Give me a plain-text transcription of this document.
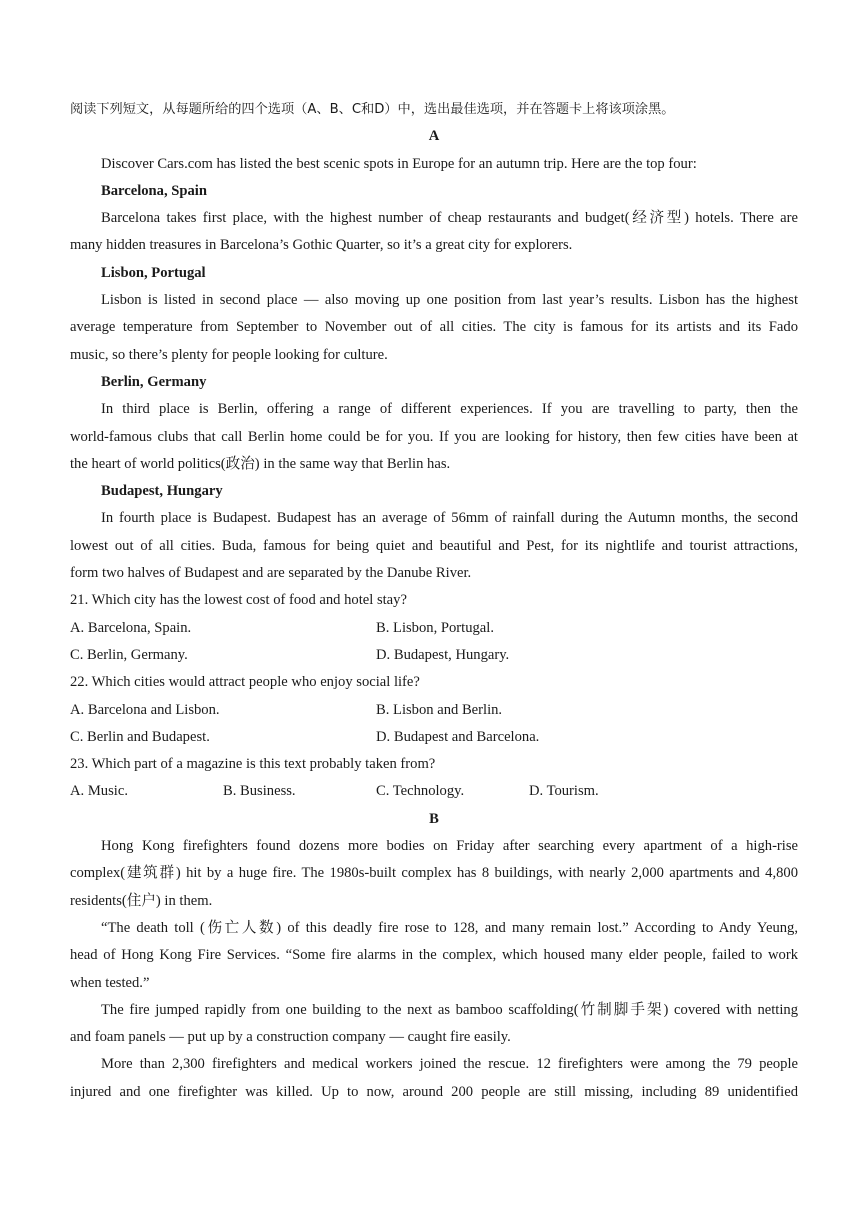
阅读下列短文，从每题所给的四个选项（A、B、C和D）中，选出最佳选项，并在答题卡上将该项涂黑。
A
Discover Cars.com has listed the best scenic spots in Europe for an autumn trip. Here are the top four:
Barcelona, Spain
Barcelona takes first place, with the highest number of cheap restaurants and budget(经济型) hotels. There are
many hidden treasures in Barcelona’s Gothic Quarter, so it’s a great city for explorers.
Lisbon, Portugal
Lisbon is listed in second place — also moving up one position from last year’s results. Lisbon has the highest
average temperature from September to November out of all cities. The city is famous for its artists and its Fado
music, so there’s plenty for people looking for culture.
Berlin, Germany
In third place is Berlin, offering a range of different experiences. If you are travelling to party, then the
world-famous clubs that call Berlin home could be for you. If you are looking for history, then few cities have been at
the heart of world politics(政治) in the same way that Berlin has.
Budapest, Hungary
In fourth place is Budapest. Budapest has an average of 56mm of rainfall during the Autumn months, the second
lowest out of all cities. Buda, famous for being quiet and beautiful and Pest, for its nightlife and tourist attractions,
form two halves of Budapest and are separated by the Danube River.
21. Which city has the lowest cost of food and hotel stay?
A. Barcelona, Spain.	B. Lisbon, Portugal.
C. Berlin, Germany.	D. Budapest, Hungary.
22. Which cities would attract people who enjoy social life?
A. Barcelona and Lisbon.	B. Lisbon and Berlin.
C. Berlin and Budapest.	D. Budapest and Barcelona.
23. Which part of a magazine is this text probably taken from?
A. Music.	B. Business.	C. Technology.	D. Tourism.
B
Hong Kong firefighters found dozens more bodies on Friday after searching every apartment of a high-rise
complex(建筑群) hit by a huge fire. The 1980s-built complex has 8 buildings, with nearly 2,000 apartments and 4,800
residents(住户) in them.
“The death toll (伤亡人数) of this deadly fire rose to 128, and many remain lost.” According to Andy Yeung,
head of Hong Kong Fire Services. “Some fire alarms in the complex, which housed many elder people, failed to work
when tested.”
The fire jumped rapidly from one building to the next as bamboo scaffolding(竹制脚手架) covered with netting
and foam panels — put up by a construction company — caught fire easily.
More than 2,300 firefighters and medical workers joined the rescue. 12 firefighters were among the 79 people
injured and one firefighter was killed. Up to now, around 200 people are still missing, including 89 unidentified
